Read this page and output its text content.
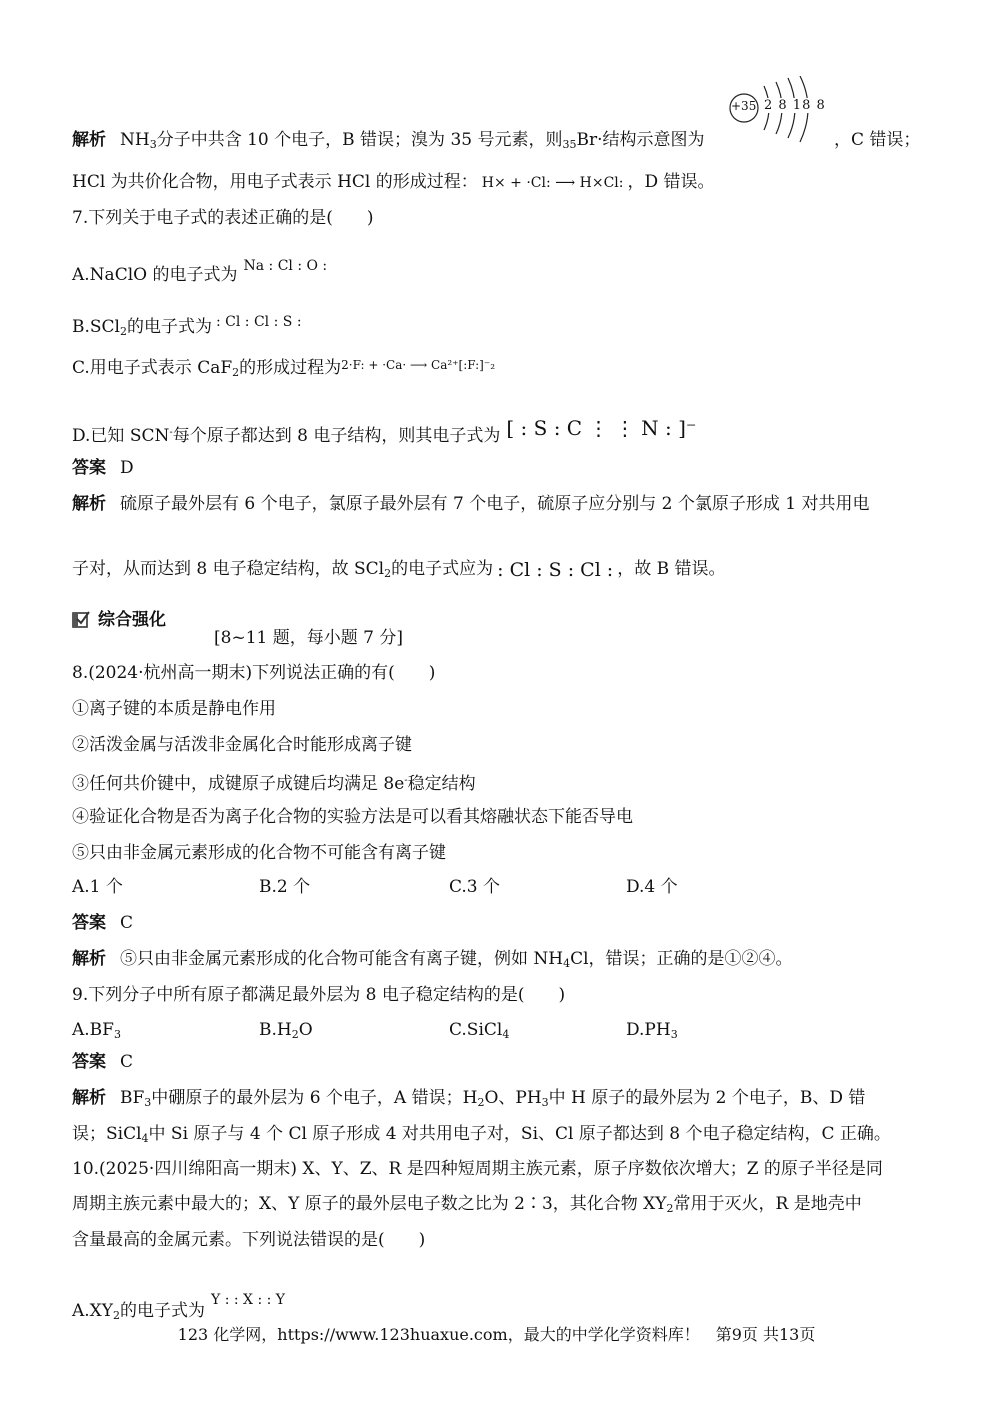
解析 $NH_3$分子中共含 10 个电子，B 错误；溴为 35 号元素，则$_{35}$Br·结构示意图为
+35 2 8 18 8
，C 错误；
HCl 为共价化合物，用电子式表示 HCl 的形成过程： H× + ·Cl: ⟶ H×Cl: ，D 错误。
7.下列关于电子式的表述正确的是(　　)
A.NaClO 的电子式为 Na : Cl : O :
B.SCl$_2$的电子式为 : Cl : Cl : S :
C.用电子式表示 CaF$_2$的形成过程为2·F: + ·Ca· ⟶ Ca²⁺[:F:]⁻₂
D.已知 SCN-每个原子都达到 8 电子结构，则其电子式为 [ : S : C ⋮ ⋮ N : ]⁻
答案 D
解析 硫原子最外层有 6 个电子，氯原子最外层有 7 个电子，硫原子应分别与 2 个氯原子形成 1 对共用电
子对，从而达到 8 电子稳定结构，故 SCl$_2$的电子式应为 : Cl : S : Cl : ，故 B 错误。
综合强化
[8~11 题，每小题 7 分]
8.(2024·杭州高一期末)下列说法正确的有(　　)
①离子键的本质是静电作用
②活泼金属与活泼非金属化合时能形成离子键
③任何共价键中，成键原子成键后均满足 8e-稳定结构
④验证化合物是否为离子化合物的实验方法是可以看其熔融状态下能否导电
⑤只由非金属元素形成的化合物不可能含有离子键
A.1 个	B.2 个	C.3 个	D.4 个
答案 C
解析 ⑤只由非金属元素形成的化合物可能含有离子键，例如 $NH_4Cl$，错误；正确的是①②④。
9.下列分子中所有原子都满足最外层为 8 电子稳定结构的是(　　)
$A.BF_3$	$B.H_2O$	C.SiCl$_4$	$D.PH_3$
答案 C
解析 $BF_3$中硼原子的最外层为 6 个电子，A 错误；$H_2O$、$PH_3$中 H 原子的最外层为 2 个电子，B、D 错
误；SiCl$_4$中 Si 原子与 4 个 Cl 原子形成 4 对共用电子对，Si、Cl 原子都达到 8 个电子稳定结构，C 正确。
10.(2025·四川绵阳高一期末) X、Y、Z、R 是四种短周期主族元素，原子序数依次增大；Z 的原子半径是同
周期主族元素中最大的；X、Y 原子的最外层电子数之比为 2∶3，其化合物 $XY_2$常用于灭火，R 是地壳中
含量最高的金属元素。下列说法错误的是(　　)
$A.XY_2$的电子式为Y : : X : : Y
123 化学网，https://www.123huaxue.com，最大的中学化学资料库！　第9页 共13页
